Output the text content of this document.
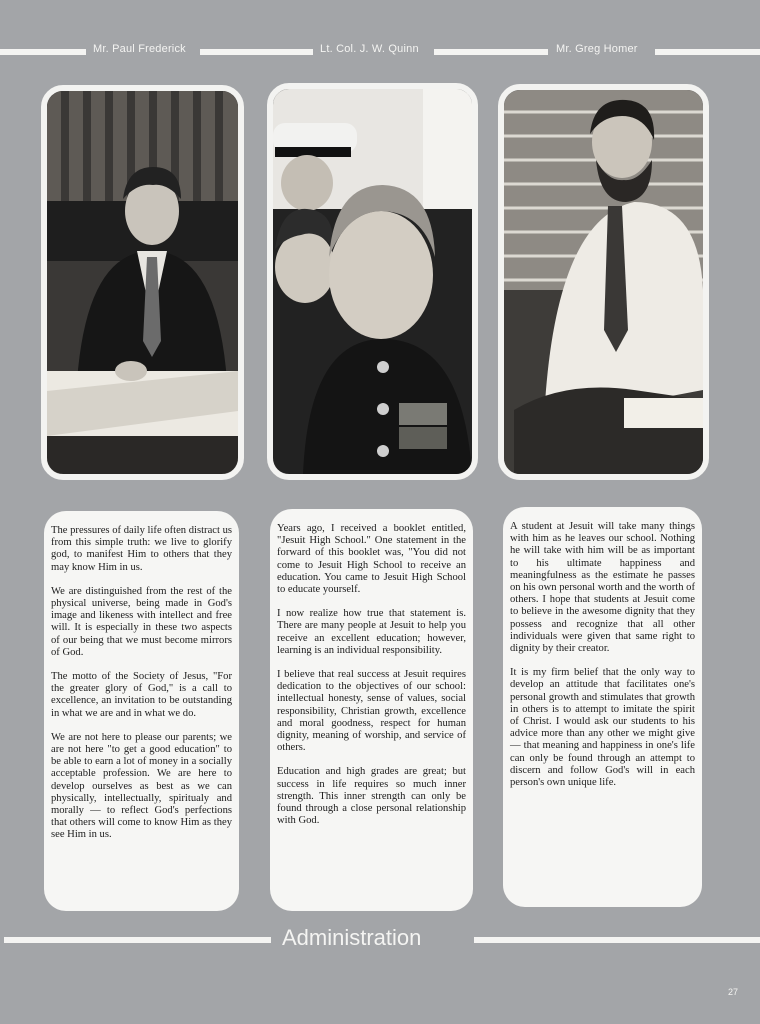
Mr. Paul Frederick	Lt. Col. J. W. Quinn	Mr. Greg Homer

The pressures of daily life often distract us from this simple truth: we live to glorify god, to manifest Him to others that they may know Him in us.

We are distinguished from the rest of the physical universe, being made in God's image and likeness with intellect and free will. It is especially in these two aspects of our being that we must become mirrors of God.

The motto of the Society of Jesus, "For the greater glory of God," is a call to excellence, an invitation to be outstanding in what we are and in what we do.

We are not here to please our parents; we are not here "to get a good education" to be able to earn a lot of money in a socially acceptable profession. We are here to develop ourselves as best as we can physically, intellectually, spiritualy and morally — to reflect God's perfections that others will come to know Him as they see Him in us.

Years ago, I received a booklet entitled, "Jesuit High School." One statement in the forward of this booklet was, "You did not come to Jesuit High School to receive an education. You came to Jesuit High School to educate yourself.

I now realize how true that statement is. There are many people at Jesuit to help you receive an excellent education; however, learning is an individual responsibility.

I believe that real success at Jesuit requires dedication to the objectives of our school: intellectual honesty, sense of values, social responsibility, Christian growth, excellence and moral goodness, respect for human dignity, meaning of worship, and service of others.

Education and high grades are great; but success in life requires so much inner strength. This inner strength can only be found through a close personal relationship with God.

A student at Jesuit will take many things with him as he leaves our school. Nothing he will take with him will be as important to his ultimate happiness and meaningfulness as the estimate he passes on his own personal worth and the worth of others. I hope that students at Jesuit come to believe in the awesome dignity that they possess and recognize that all other individuals were given that same right to dignity by their creator.

It is my firm belief that the only way to develop an attitude that facilitates one's personal growth and stimulates that growth in others is to attempt to imitate the spirit of Christ. I would ask our students to his advice more than any other we might give — that meaning and happiness in one's life can only be found through an attempt to discern and follow God's will in each person's own unique life.

Administration
27
